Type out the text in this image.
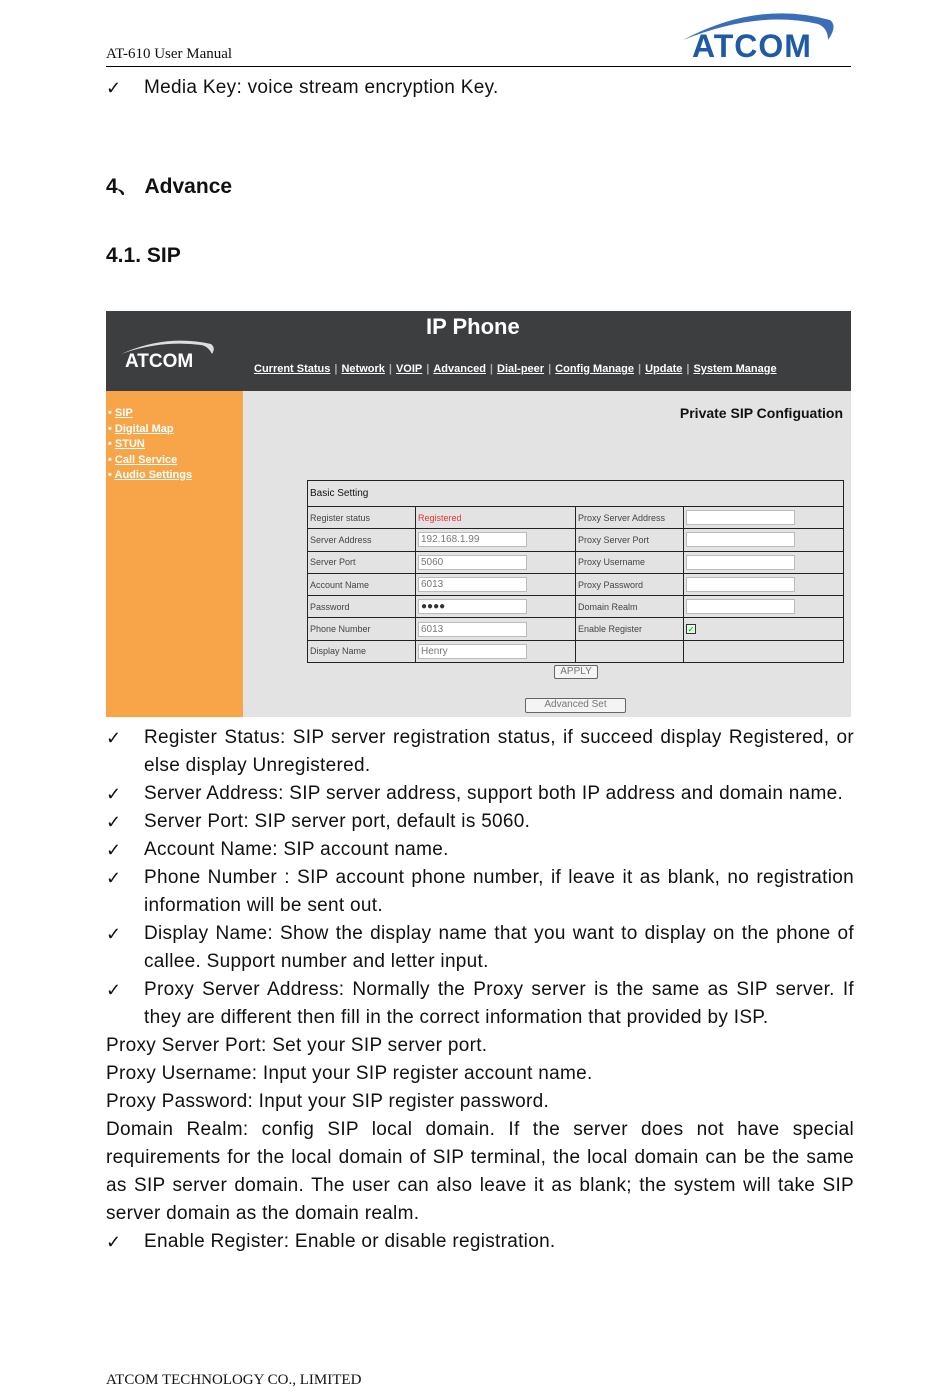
AT-610 User Manual	ATCOM
✓	Media Key: voice stream encryption Key.
4、 Advance
4.1. SIP
IP Phone
ATCOM	Current Status | Network | VOIP | Advanced | Dial-peer | Config Manage | Update | System Manage
• SIP
• Digital Map
• STUN
• Call Service
• Audio Settings
Private SIP Configuation
Basic Setting			
Register status	Registered	Proxy Server Address	
Server Address	192.168.1.99	Proxy Server Port	
Server Port	5060	Proxy Username	
Account Name	6013	Proxy Password	
Password	●●●●	Domain Realm	
Phone Number	6013	Enable Register	✓
Display Name	Henry		
APPLY
Advanced Set
✓	Register Status: SIP server registration status, if succeed display Registered, or else display Unregistered.
✓	Server Address: SIP server address, support both IP address and domain name.
✓	Server Port: SIP server port, default is 5060.
✓	Account Name: SIP account name.
✓	Phone Number : SIP account phone number, if leave it as blank, no registration information will be sent out.
✓	Display Name: Show the display name that you want to display on the phone of callee. Support number and letter input.
✓	Proxy Server Address: Normally the Proxy server is the same as SIP server. If they are different then fill in the correct information that provided by ISP.
Proxy Server Port: Set your SIP server port.
Proxy Username: Input your SIP register account name.
Proxy Password: Input your SIP register password.
Domain Realm: config SIP local domain. If the server does not have special requirements for the local domain of SIP terminal, the local domain can be the same as SIP server domain. The user can also leave it as blank; the system will take SIP server domain as the domain realm.
✓	Enable Register: Enable or disable registration.
ATCOM TECHNOLOGY CO., LIMITED
